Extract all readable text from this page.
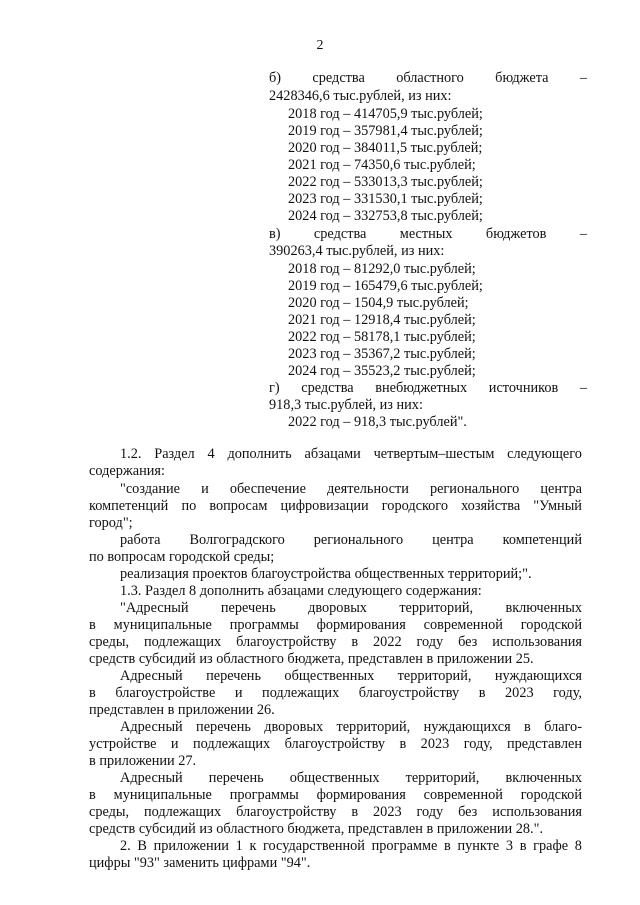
2
б) средства областного бюджета –
2428346,6 тыс.рублей, из них:
2018 год – 414705,9 тыс.рублей;
2019 год – 357981,4 тыс.рублей;
2020 год – 384011,5 тыс.рублей;
2021 год – 74350,6 тыс.рублей;
2022 год – 533013,3 тыс.рублей;
2023 год – 331530,1 тыс.рублей;
2024 год – 332753,8 тыс.рублей;
в) средства местных бюджетов –
390263,4 тыс.рублей, из них:
2018 год – 81292,0 тыс.рублей;
2019 год – 165479,6 тыс.рублей;
2020 год – 1504,9 тыс.рублей;
2021 год – 12918,4 тыс.рублей;
2022 год – 58178,1 тыс.рублей;
2023 год – 35367,2 тыс.рублей;
2024 год – 35523,2 тыс.рублей;
г) средства внебюджетных источников –
918,3 тыс.рублей, из них:
2022 год – 918,3 тыс.рублей".
1.2. Раздел 4 дополнить абзацами четвертым–шестым следующего
содержания:
"создание и обеспечение деятельности регионального центра
компетенций по вопросам цифровизации городского хозяйства "Умный
город";
работа Волгоградского регионального центра компетенций
по вопросам городской среды;
реализация проектов благоустройства общественных территорий;".
1.3. Раздел 8 дополнить абзацами следующего содержания:
"Адресный перечень дворовых территорий, включенных
в муниципальные программы формирования современной городской
среды, подлежащих благоустройству в 2022 году без использования
средств субсидий из областного бюджета, представлен в приложении 25.
Адресный перечень общественных территорий, нуждающихся
в благоустройстве и подлежащих благоустройству в 2023 году,
представлен в приложении 26.
Адресный перечень дворовых территорий, нуждающихся в благо-
устройстве и подлежащих благоустройству в 2023 году, представлен
в приложении 27.
Адресный перечень общественных территорий, включенных
в муниципальные программы формирования современной городской
среды, подлежащих благоустройству в 2023 году без использования
средств субсидий из областного бюджета, представлен в приложении 28.".
2. В приложении 1 к государственной программе в пункте 3 в графе 8
цифры "93" заменить цифрами "94".
